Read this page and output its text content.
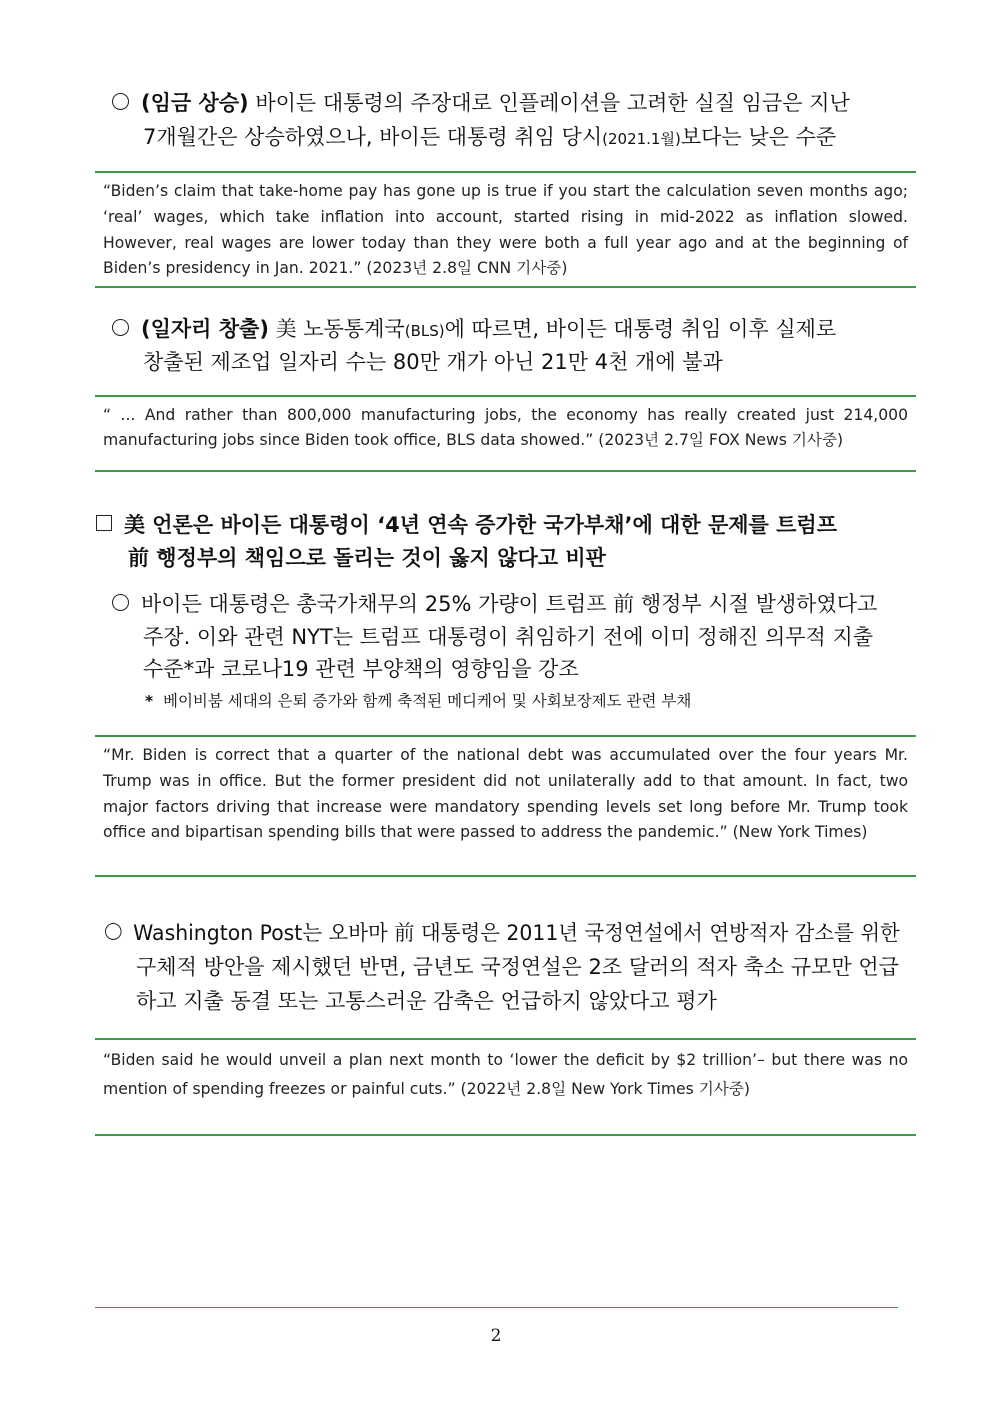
(임금 상승) 바이든 대통령의 주장대로 인플레이션을 고려한 실질 임금은 지난
7개월간은 상승하였으나, 바이든 대통령 취임 당시(2021.1월)보다는 낮은 수준

“Biden’s claim that take-home pay has gone up is true if you start the calculation seven months ago; ‘real’ wages, which take inflation into account, started rising in mid-2022 as inflation slowed. However, real wages are lower today than they were both a full year ago and at the beginning of Biden’s presidency in Jan. 2021.” (2023년 2.8일 CNN 기사중)

(일자리 창출) 美 노동통계국(BLS)에 따르면, 바이든 대통령 취임 이후 실제로
창출된 제조업 일자리 수는 80만 개가 아닌 21만 4천 개에 불과

“ ... And rather than 800,000 manufacturing jobs, the economy has really created just 214,000 manufacturing jobs since Biden took office, BLS data showed.” (2023년 2.7일 FOX News 기사중)

美 언론은 바이든 대통령이 ‘4년 연속 증가한 국가부채’에 대한 문제를 트럼프
前 행정부의 책임으로 돌리는 것이 옳지 않다고 비판
바이든 대통령은 총국가채무의 25% 가량이 트럼프 前 행정부 시절 발생하였다고
주장. 이와 관련 NYT는 트럼프 대통령이 취임하기 전에 이미 정해진 의무적 지출
수준*과 코로나19 관련 부양책의 영향임을 강조
* 베이비붐 세대의 은퇴 증가와 함께 축적된 메디케어 및 사회보장제도 관련 부채

“Mr. Biden is correct that a quarter of the national debt was accumulated over the four years Mr. Trump was in office. But the former president did not unilaterally add to that amount. In fact, two major factors driving that increase were mandatory spending levels set long before Mr. Trump took office and bipartisan spending bills that were passed to address the pandemic.” (New York Times)

Washington Post는 오바마 前 대통령은 2011년 국정연설에서 연방적자 감소를 위한
구체적 방안을 제시했던 반면, 금년도 국정연설은 2조 달러의 적자 축소 규모만 언급
하고 지출 동결 또는 고통스러운 감축은 언급하지 않았다고 평가

“Biden said he would unveil a plan next month to ‘lower the deficit by $2 trillion’– but there was no mention of spending freezes or painful cuts.” (2022년 2.8일 New York Times 기사중)

2
